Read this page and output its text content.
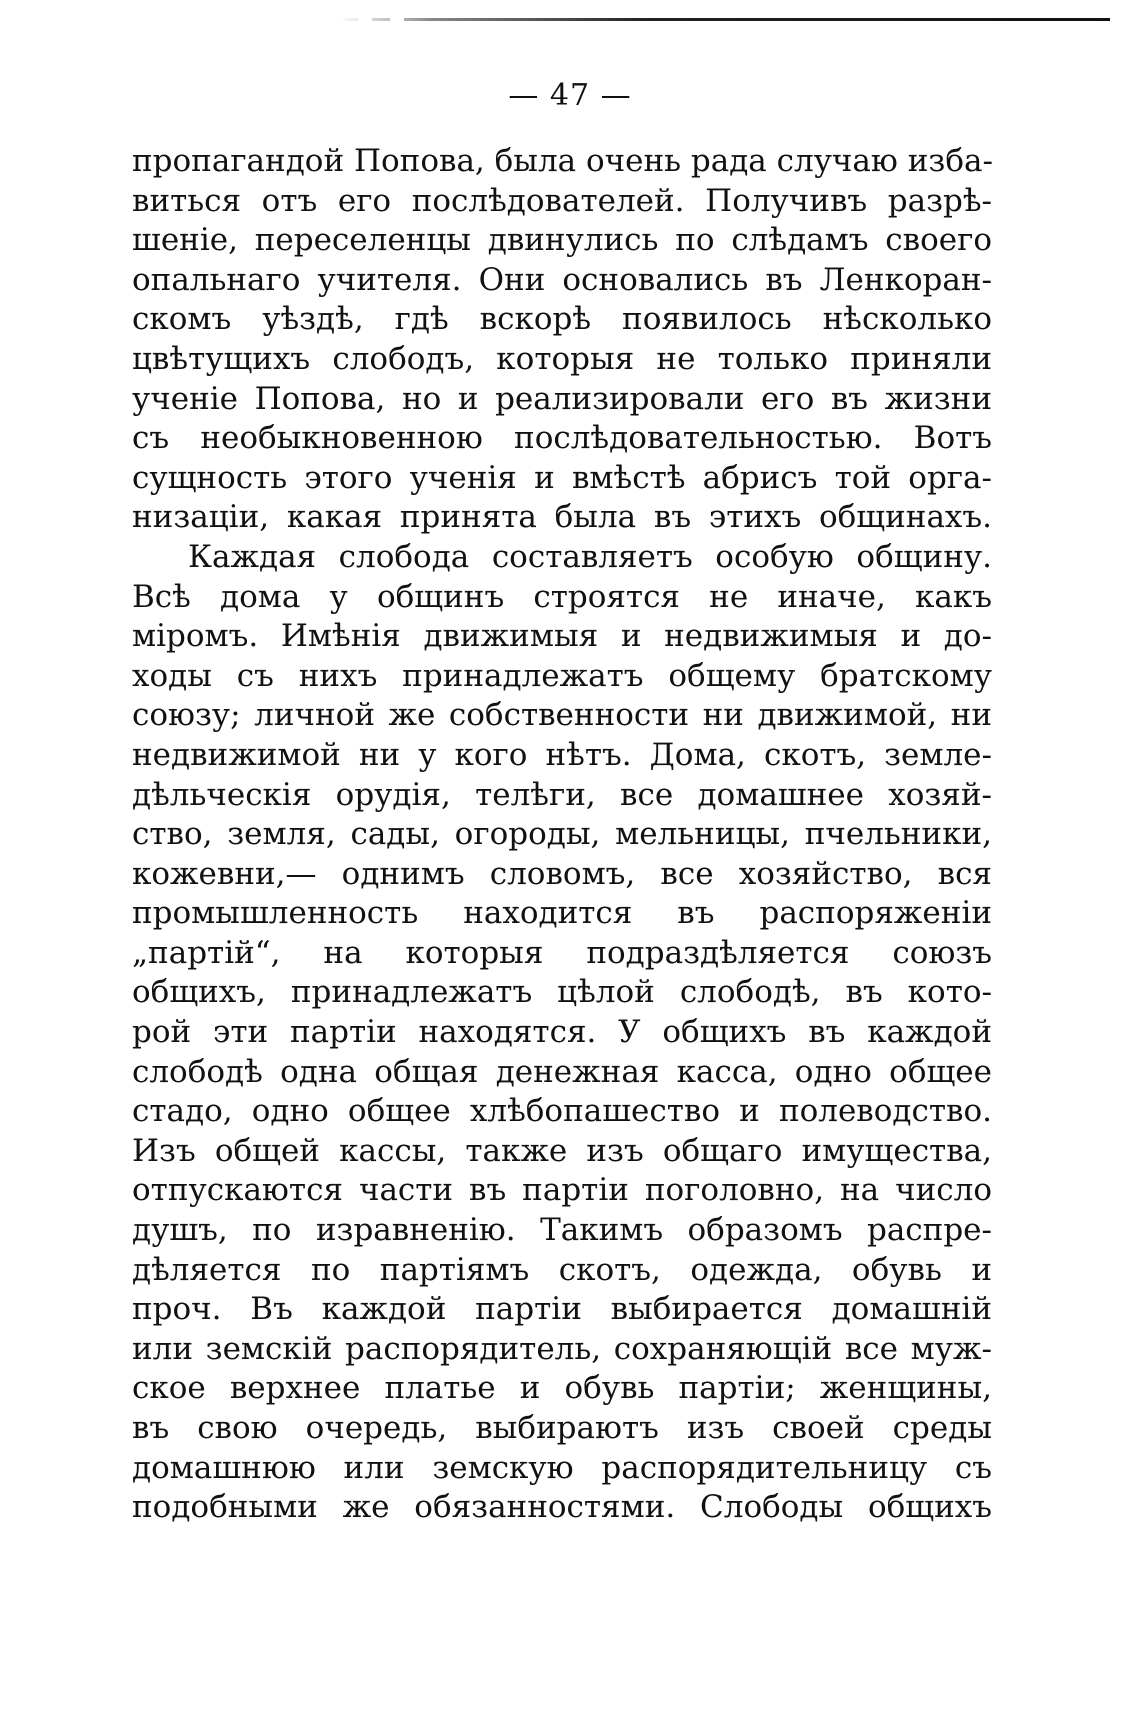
— 47 —
пропагандой Попова, была очень рада случаю изба-
виться отъ его послѣдователей. Получивъ разрѣ-
шеніе, переселенцы двинулись по слѣдамъ своего
опальнаго учителя. Они основались въ Ленкоран-
скомъ уѣздѣ, гдѣ вскорѣ появилось нѣсколько
цвѣтущихъ слободъ, которыя не только приняли
ученіе Попова, но и реализировали его въ жизни
съ необыкновенною послѣдовательностью. Вотъ
сущность этого ученія и вмѣстѣ абрисъ той орга-
низаціи, какая принята была въ этихъ общинахъ.
Каждая слобода составляетъ особую общину.
Всѣ дома у общинъ строятся не иначе, какъ
міромъ. Имѣнія движимыя и недвижимыя и до-
ходы съ нихъ принадлежатъ общему братскому
союзу; личной же собственности ни движимой, ни
недвижимой ни у кого нѣтъ. Дома, скотъ, земле-
дѣльческія орудія, телѣги, все домашнее хозяй-
ство, земля, сады, огороды, мельницы, пчельники,
кожевни,— однимъ словомъ, все хозяйство, вся
промышленность находится въ распоряженіи
„партій“, на которыя подраздѣляется союзъ
общихъ, принадлежатъ цѣлой слободѣ, въ кото-
рой эти партіи находятся. У общихъ въ каждой
слободѣ одна общая денежная касса, одно общее
стадо, одно общее хлѣбопашество и полеводство.
Изъ общей кассы, также изъ общаго имущества,
отпускаются части въ партіи поголовно, на число
душъ, по изравненію. Такимъ образомъ распре-
дѣляется по партіямъ скотъ, одежда, обувь и
проч. Въ каждой партіи выбирается домашній
или земскій распорядитель, сохраняющій все муж-
ское верхнее платье и обувь партіи; женщины,
въ свою очередь, выбираютъ изъ своей среды
домашнюю или земскую распорядительницу съ
подобными же обязанностями. Слободы общихъ
